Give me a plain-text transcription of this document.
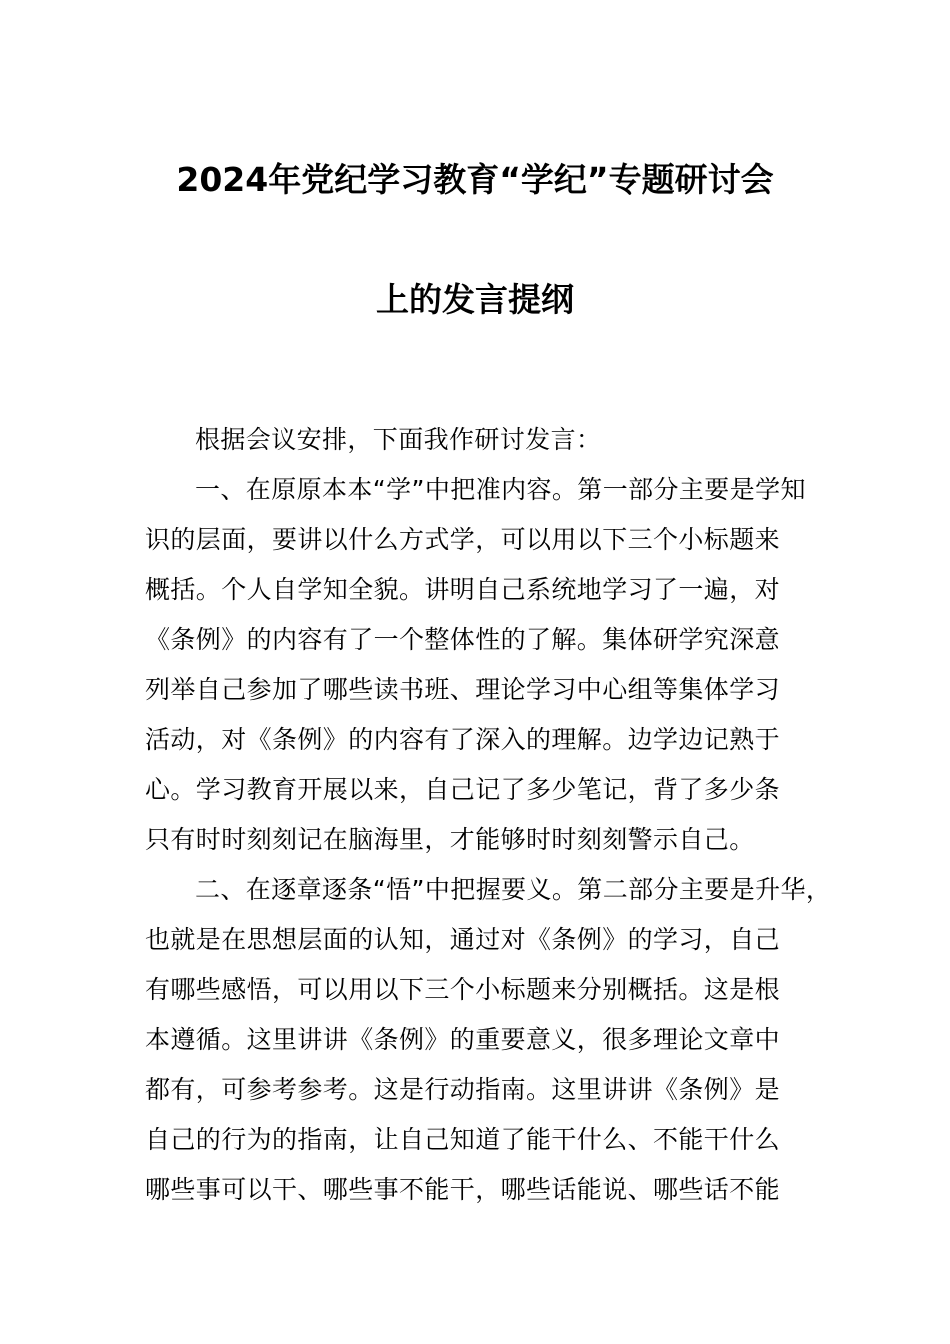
2024年党纪学习教育“学纪”专题研讨会
上的发言提纲
根据会议安排，下面我作研讨发言：
一、在原原本本“学”中把准内容。第一部分主要是学知
识的层面，要讲以什么方式学，可以用以下三个小标题来
概括。个人自学知全貌。讲明自己系统地学习了一遍，对
《条例》的内容有了一个整体性的了解。集体研学究深意
列举自己参加了哪些读书班、理论学习中心组等集体学习
活动，对《条例》的内容有了深入的理解。边学边记熟于
心。学习教育开展以来，自己记了多少笔记，背了多少条
只有时时刻刻记在脑海里，才能够时时刻刻警示自己。
二、在逐章逐条“悟”中把握要义。第二部分主要是升华，
也就是在思想层面的认知，通过对《条例》的学习，自己
有哪些感悟，可以用以下三个小标题来分别概括。这是根
本遵循。这里讲讲《条例》的重要意义，很多理论文章中
都有，可参考参考。这是行动指南。这里讲讲《条例》是
自己的行为的指南，让自己知道了能干什么、不能干什么
哪些事可以干、哪些事不能干，哪些话能说、哪些话不能
